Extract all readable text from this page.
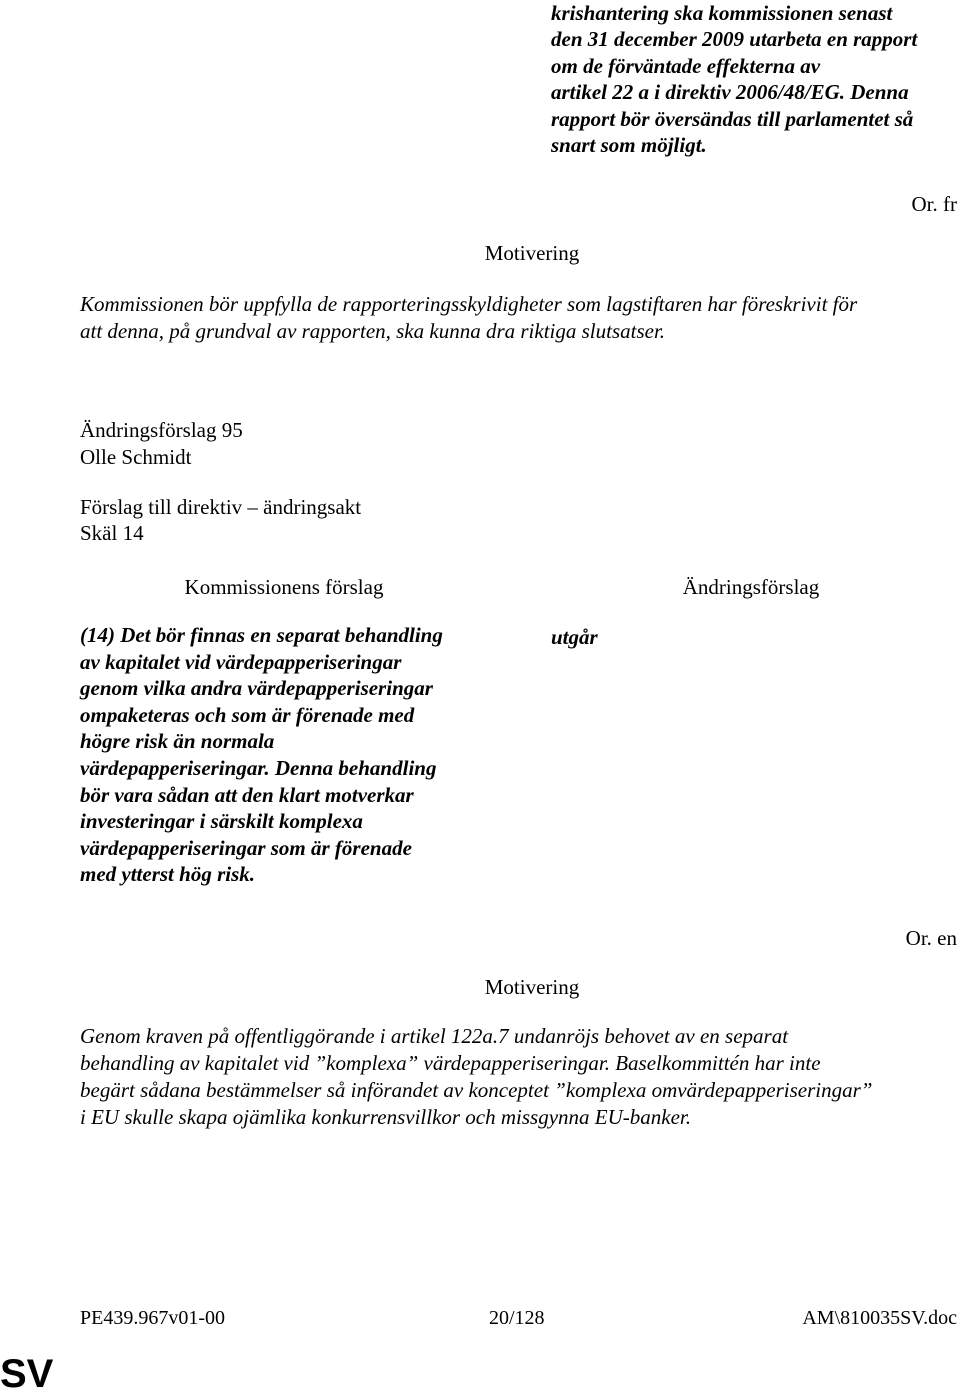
krishantering ska kommissionen senast
den 31 december 2009 utarbeta en rapport
om de förväntade effekterna av
artikel 22 a i direktiv 2006/48/EG. Denna
rapport bör översändas till parlamentet så
snart som möjligt.
Or. fr
Motivering
Kommissionen bör uppfylla de rapporteringsskyldigheter som lagstiftaren har föreskrivit för
att denna, på grundval av rapporten, ska kunna dra riktiga slutsatser.
Ändringsförslag 95
Olle Schmidt
Förslag till direktiv – ändringsakt
Skäl 14
Kommissionens förslag	Ändringsförslag
(14) Det bör finnas en separat behandling
av kapitalet vid värdepapperiseringar
genom vilka andra värdepapperiseringar
ompaketeras och som är förenade med
högre risk än normala
värdepapperiseringar. Denna behandling
bör vara sådan att den klart motverkar
investeringar i särskilt komplexa
värdepapperiseringar som är förenade
med ytterst hög risk.
utgår
Or. en
Motivering
Genom kraven på offentliggörande i artikel 122a.7 undanröjs behovet av en separat
behandling av kapitalet vid ”komplexa” värdepapperiseringar. Baselkommittén har inte
begärt sådana bestämmelser så införandet av konceptet ”komplexa omvärdepapperiseringar”
i EU skulle skapa ojämlika konkurrensvillkor och missgynna EU-banker.
PE439.967v01-00	20/128	AM\810035SV.doc
SV
